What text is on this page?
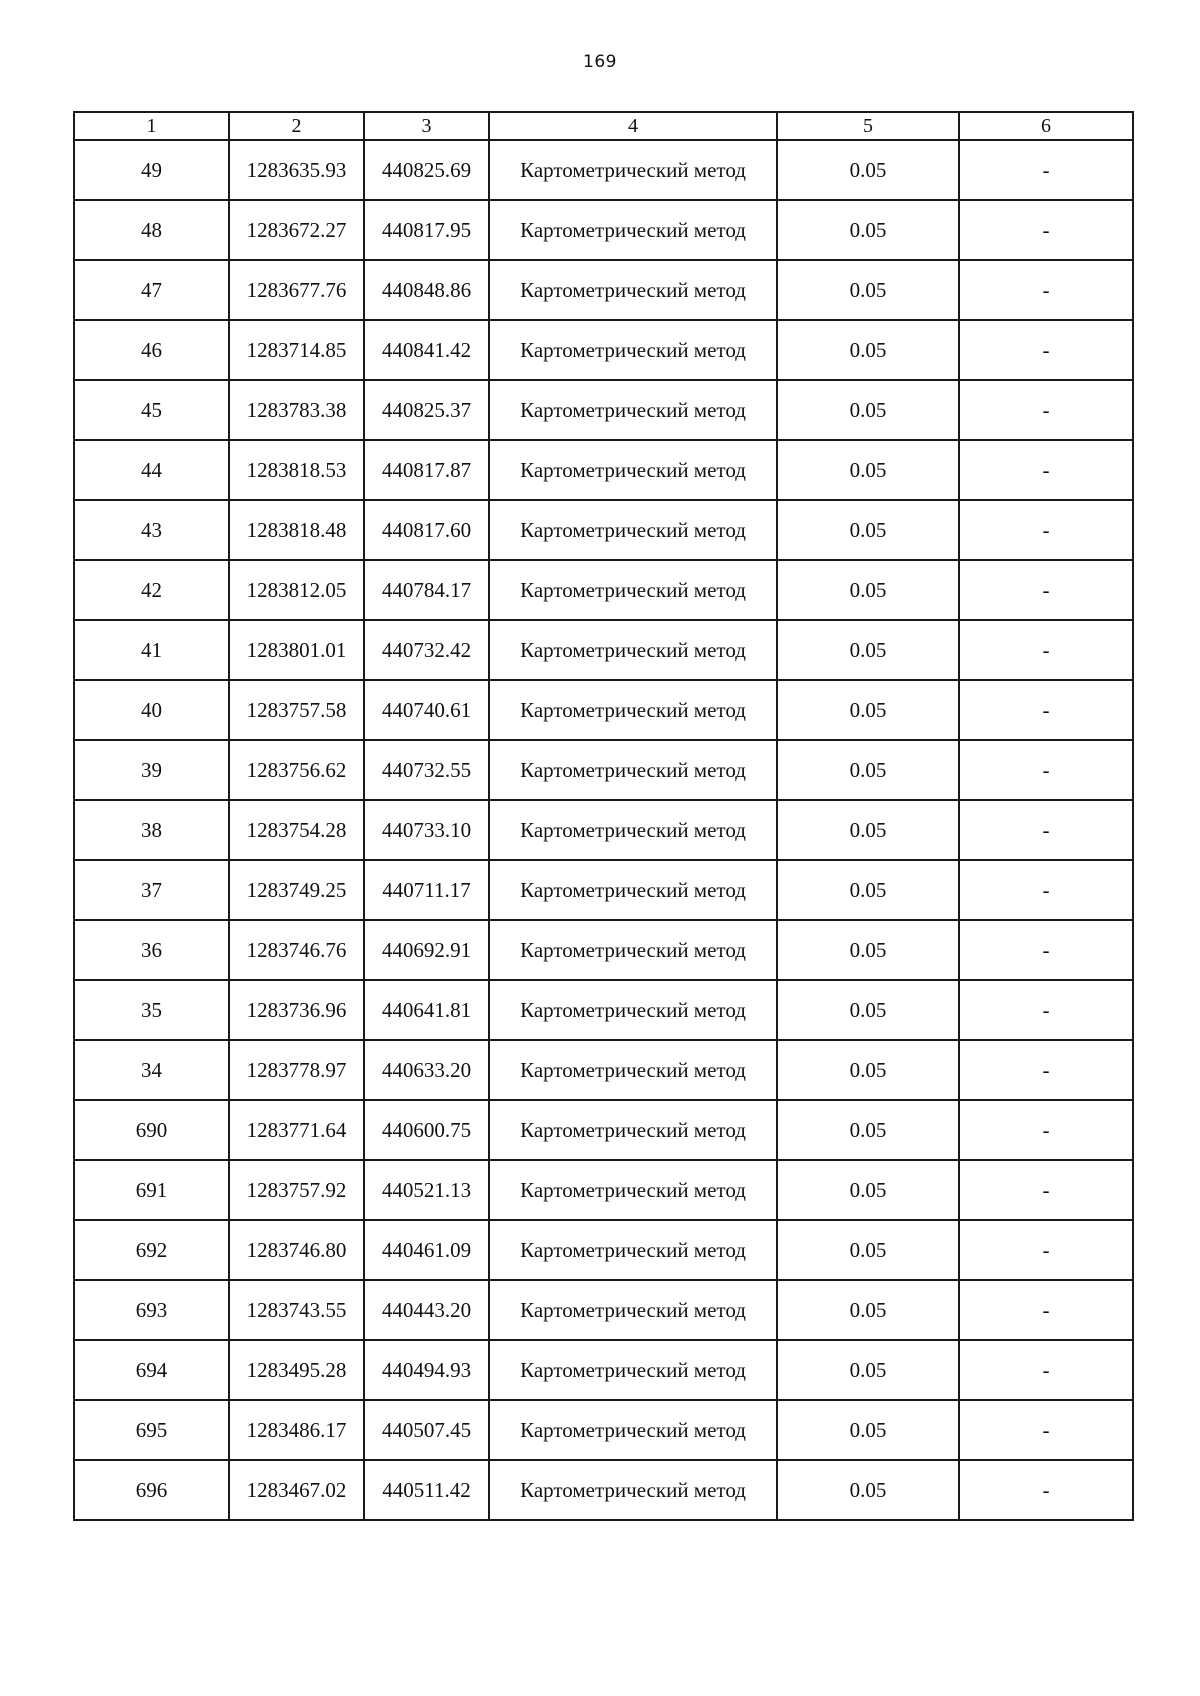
169
1	2	3	4	5	6
49	1283635.93	440825.69	Картометрический метод	0.05	-
48	1283672.27	440817.95	Картометрический метод	0.05	-
47	1283677.76	440848.86	Картометрический метод	0.05	-
46	1283714.85	440841.42	Картометрический метод	0.05	-
45	1283783.38	440825.37	Картометрический метод	0.05	-
44	1283818.53	440817.87	Картометрический метод	0.05	-
43	1283818.48	440817.60	Картометрический метод	0.05	-
42	1283812.05	440784.17	Картометрический метод	0.05	-
41	1283801.01	440732.42	Картометрический метод	0.05	-
40	1283757.58	440740.61	Картометрический метод	0.05	-
39	1283756.62	440732.55	Картометрический метод	0.05	-
38	1283754.28	440733.10	Картометрический метод	0.05	-
37	1283749.25	440711.17	Картометрический метод	0.05	-
36	1283746.76	440692.91	Картометрический метод	0.05	-
35	1283736.96	440641.81	Картометрический метод	0.05	-
34	1283778.97	440633.20	Картометрический метод	0.05	-
690	1283771.64	440600.75	Картометрический метод	0.05	-
691	1283757.92	440521.13	Картометрический метод	0.05	-
692	1283746.80	440461.09	Картометрический метод	0.05	-
693	1283743.55	440443.20	Картометрический метод	0.05	-
694	1283495.28	440494.93	Картометрический метод	0.05	-
695	1283486.17	440507.45	Картометрический метод	0.05	-
696	1283467.02	440511.42	Картометрический метод	0.05	-
